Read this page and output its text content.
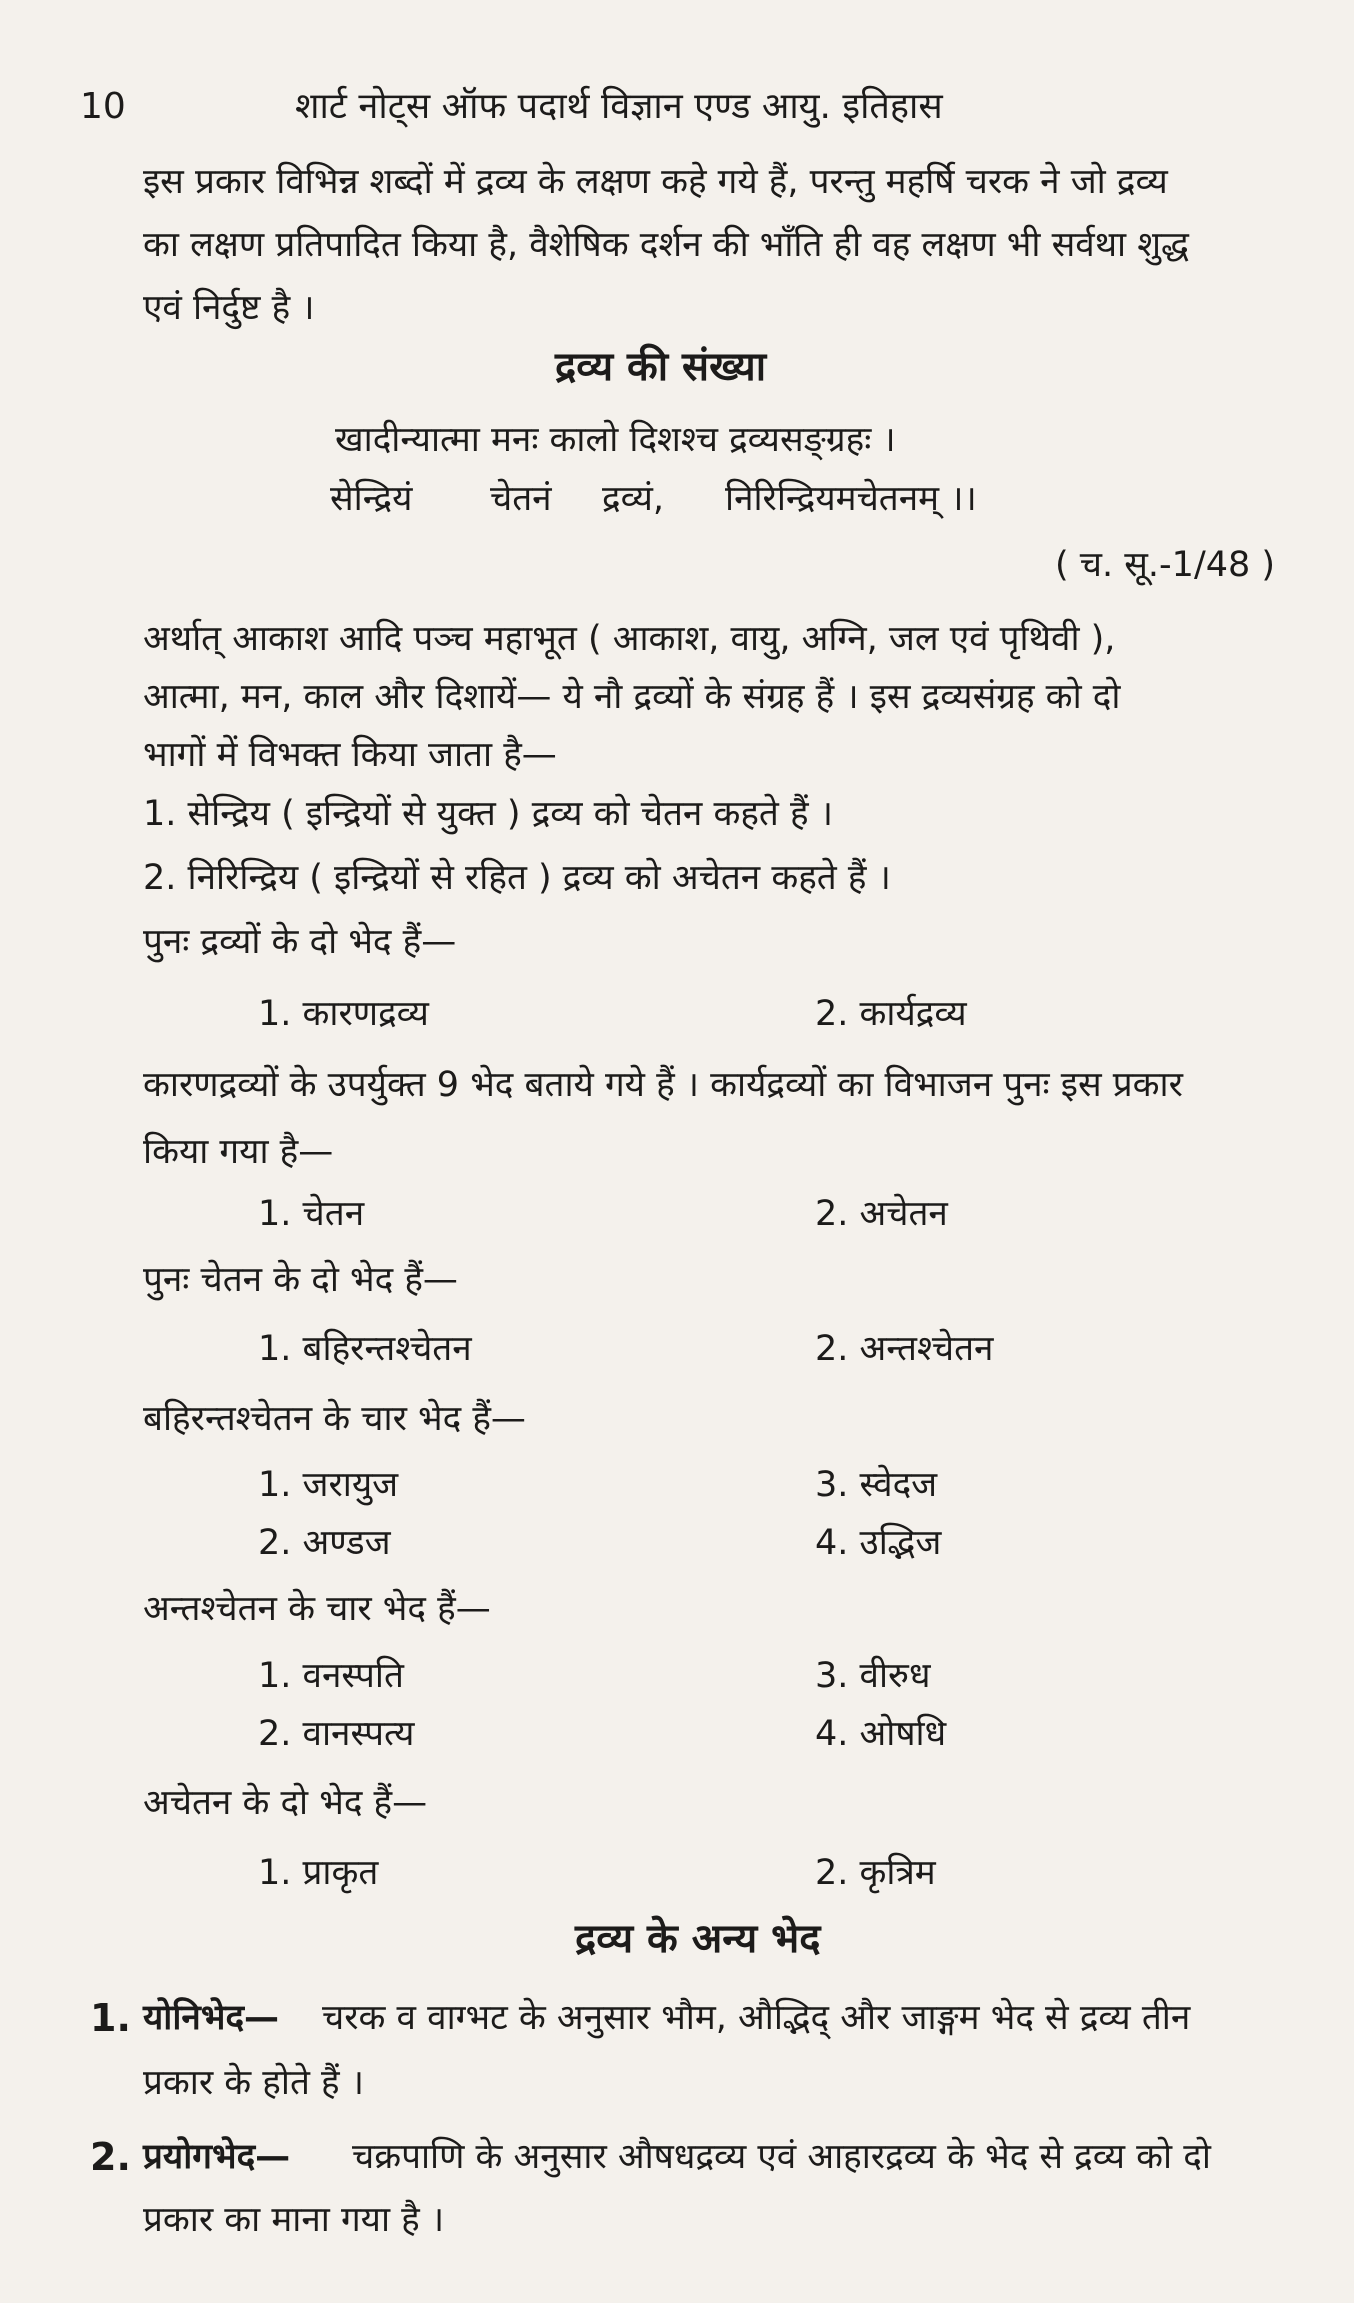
10	शार्ट नोट्स ऑफ पदार्थ विज्ञान एण्ड आयु. इतिहास
इस प्रकार विभिन्न शब्दों में द्रव्य के लक्षण कहे गये हैं, परन्तु महर्षि चरक ने जो द्रव्य
का लक्षण प्रतिपादित किया है, वैशेषिक दर्शन की भाँति ही वह लक्षण भी सर्वथा शुद्ध
एवं निर्दुष्ट है ।
द्रव्य की संख्या
खादीन्यात्मा मनः कालो दिशश्च द्रव्यसङ्ग्रहः ।
सेन्द्रियं चेतनं द्रव्यं, निरिन्द्रियमचेतनम् ।।
( च. सू.-1/48 )
अर्थात् आकाश आदि पञ्च महाभूत ( आकाश, वायु, अग्नि, जल एवं पृथिवी ),
आत्मा, मन, काल और दिशायें— ये नौ द्रव्यों के संग्रह हैं । इस द्रव्यसंग्रह को दो
भागों में विभक्त किया जाता है—
1. सेन्द्रिय ( इन्द्रियों से युक्त ) द्रव्य को चेतन कहते हैं ।
2. निरिन्द्रिय ( इन्द्रियों से रहित ) द्रव्य को अचेतन कहते हैं ।
पुनः द्रव्यों के दो भेद हैं—
1. कारणद्रव्य	2. कार्यद्रव्य
कारणद्रव्यों के उपर्युक्त 9 भेद बताये गये हैं । कार्यद्रव्यों का विभाजन पुनः इस प्रकार
किया गया है—
1. चेतन	2. अचेतन
पुनः चेतन के दो भेद हैं—
1. बहिरन्तश्चेतन	2. अन्तश्चेतन
बहिरन्तश्चेतन के चार भेद हैं—
1. जरायुज	3. स्वेदज
2. अण्डज	4. उद्भिज
अन्तश्चेतन के चार भेद हैं—
1. वनस्पति	3. वीरुध
2. वानस्पत्य	4. ओषधि
अचेतन के दो भेद हैं—
1. प्राकृत	2. कृत्रिम
द्रव्य के अन्य भेद
1. योनिभेद— चरक व वाग्भट के अनुसार भौम, औद्भिद् और जाङ्गम भेद से द्रव्य तीन
प्रकार के होते हैं ।
2. प्रयोगभेद— चक्रपाणि के अनुसार औषधद्रव्य एवं आहारद्रव्य के भेद से द्रव्य को दो
प्रकार का माना गया है ।
